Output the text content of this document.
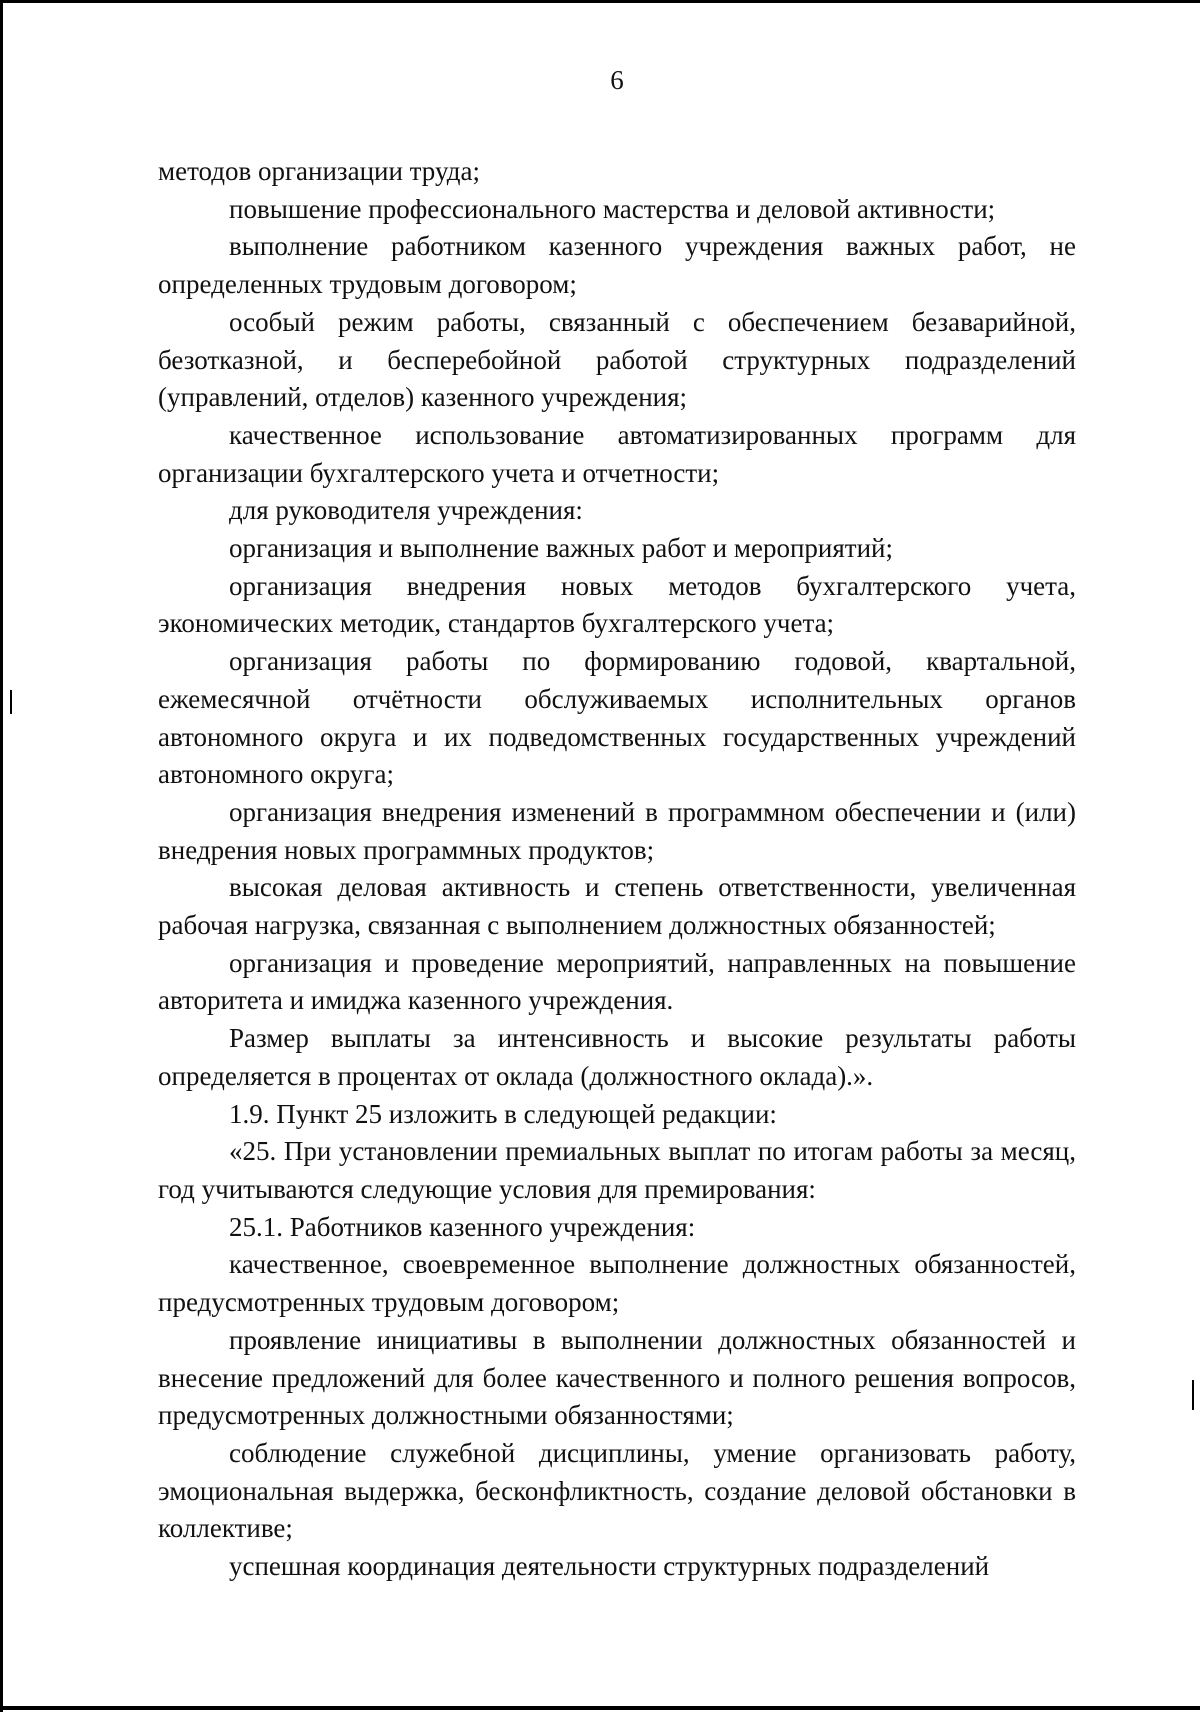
6

методов организации труда;

повышение профессионального мастерства и деловой активности;

выполнение работником казенного учреждения важных работ, не определенных трудовым договором;

особый режим работы, связанный с обеспечением безаварийной, безотказной, и бесперебойной работой структурных подразделений (управлений, отделов) казенного учреждения;

качественное использование автоматизированных программ для организации бухгалтерского учета и отчетности;

для руководителя учреждения:

организация и выполнение важных работ и мероприятий;

организация внедрения новых методов бухгалтерского учета, экономических методик, стандартов бухгалтерского учета;

организация работы по формированию годовой, квартальной, ежемесячной отчётности обслуживаемых исполнительных органов автономного округа и их подведомственных государственных учреждений автономного округа;

организация внедрения изменений в программном обеспечении и (или) внедрения новых программных продуктов;

высокая деловая активность и степень ответственности, увеличенная рабочая нагрузка, связанная с выполнением должностных обязанностей;

организация и проведение мероприятий, направленных на повышение авторитета и имиджа казенного учреждения.

Размер выплаты за интенсивность и высокие результаты работы определяется в процентах от оклада (должностного оклада).».

1.9. Пункт 25 изложить в следующей редакции:

«25. При установлении премиальных выплат по итогам работы за месяц, год учитываются следующие условия для премирования:

25.1. Работников казенного учреждения:

качественное, своевременное выполнение должностных обязанностей, предусмотренных трудовым договором;

проявление инициативы в выполнении должностных обязанностей и внесение предложений для более качественного и полного решения вопросов, предусмотренных должностными обязанностями;

соблюдение служебной дисциплины, умение организовать работу, эмоциональная выдержка, бесконфликтность, создание деловой обстановки в коллективе;

успешная координация деятельности структурных подразделений
